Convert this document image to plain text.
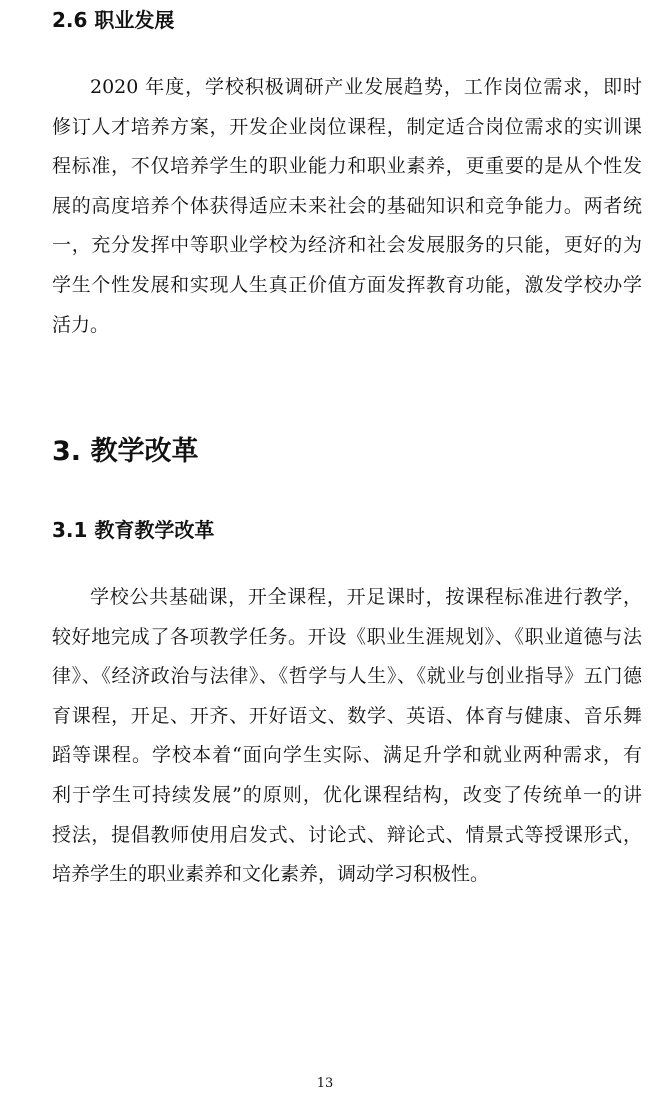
2.6 职业发展
2020 年度，学校积极调研产业发展趋势，工作岗位需求，即时
修订人才培养方案，开发企业岗位课程，制定适合岗位需求的实训课
程标准，不仅培养学生的职业能力和职业素养，更重要的是从个性发
展的高度培养个体获得适应未来社会的基础知识和竞争能力。两者统
一，充分发挥中等职业学校为经济和社会发展服务的只能，更好的为
学生个性发展和实现人生真正价值方面发挥教育功能，激发学校办学
活力。
3. 教学改革
3.1 教育教学改革
学校公共基础课，开全课程，开足课时，按课程标准进行教学，
较好地完成了各项教学任务。开设《职业生涯规划》、《职业道德与法
律》、《经济政治与法律》、《哲学与人生》、《就业与创业指导》五门德
育课程，开足、开齐、开好语文、数学、英语、体育与健康、音乐舞
蹈等课程。学校本着“面向学生实际、满足升学和就业两种需求，有
利于学生可持续发展”的原则，优化课程结构，改变了传统单一的讲
授法，提倡教师使用启发式、讨论式、辩论式、情景式等授课形式，
培养学生的职业素养和文化素养，调动学习积极性。
13
